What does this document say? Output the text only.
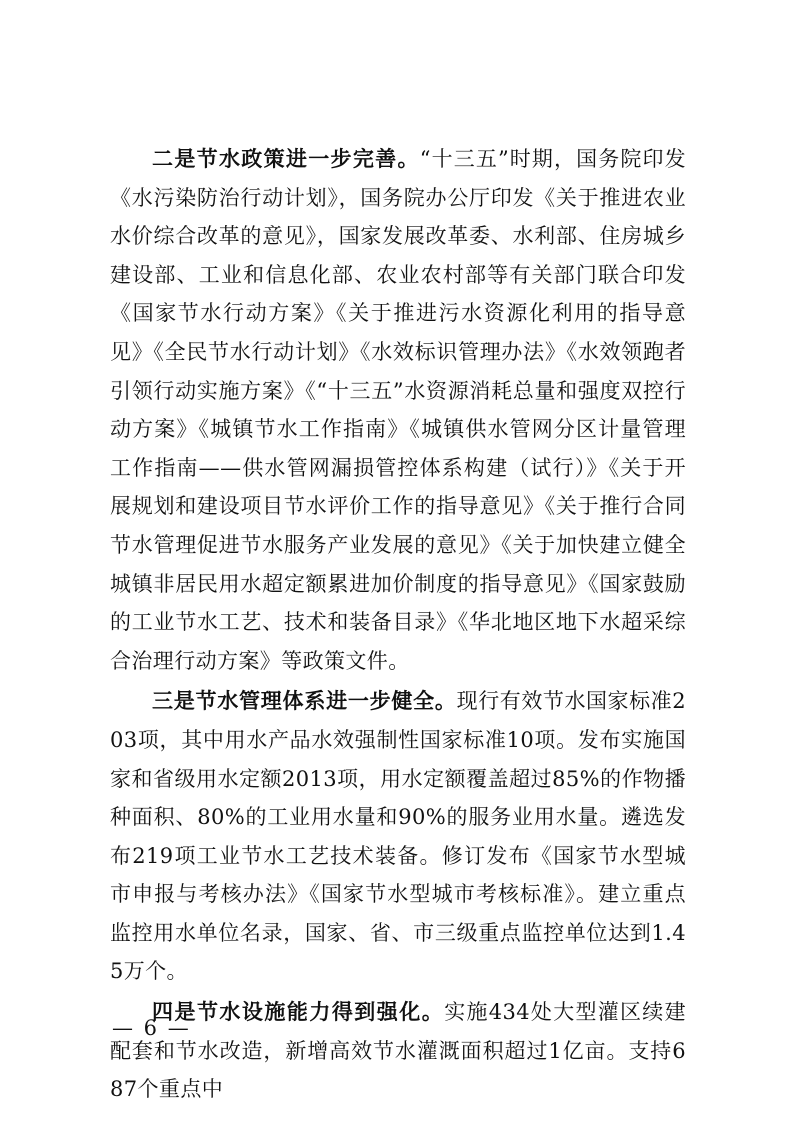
二是节水政策进一步完善。“十三五”时期，国务院印发《水污染防治行动计划》，国务院办公厅印发《关于推进农业水价综合改革的意见》，国家发展改革委、水利部、住房城乡建设部、工业和信息化部、农业农村部等有关部门联合印发《国家节水行动方案》《关于推进污水资源化利用的指导意见》《全民节水行动计划》《水效标识管理办法》《水效领跑者引领行动实施方案》《“十三五”水资源消耗总量和强度双控行动方案》《城镇节水工作指南》《城镇供水管网分区计量管理工作指南——供水管网漏损管控体系构建（试行）》《关于开展规划和建设项目节水评价工作的指导意见》《关于推行合同节水管理促进节水服务产业发展的意见》《关于加快建立健全城镇非居民用水超定额累进加价制度的指导意见》《国家鼓励的工业节水工艺、技术和装备目录》《华北地区地下水超采综合治理行动方案》等政策文件。

三是节水管理体系进一步健全。现行有效节水国家标准203项，其中用水产品水效强制性国家标准10项。发布实施国家和省级用水定额2013项，用水定额覆盖超过85%的作物播种面积、80%的工业用水量和90%的服务业用水量。遴选发布219项工业节水工艺技术装备。修订发布《国家节水型城市申报与考核办法》《国家节水型城市考核标准》。建立重点监控用水单位名录，国家、省、市三级重点监控单位达到1.45万个。

四是节水设施能力得到强化。实施434处大型灌区续建配套和节水改造，新增高效节水灌溉面积超过1亿亩。支持687个重点中

— 6 —
